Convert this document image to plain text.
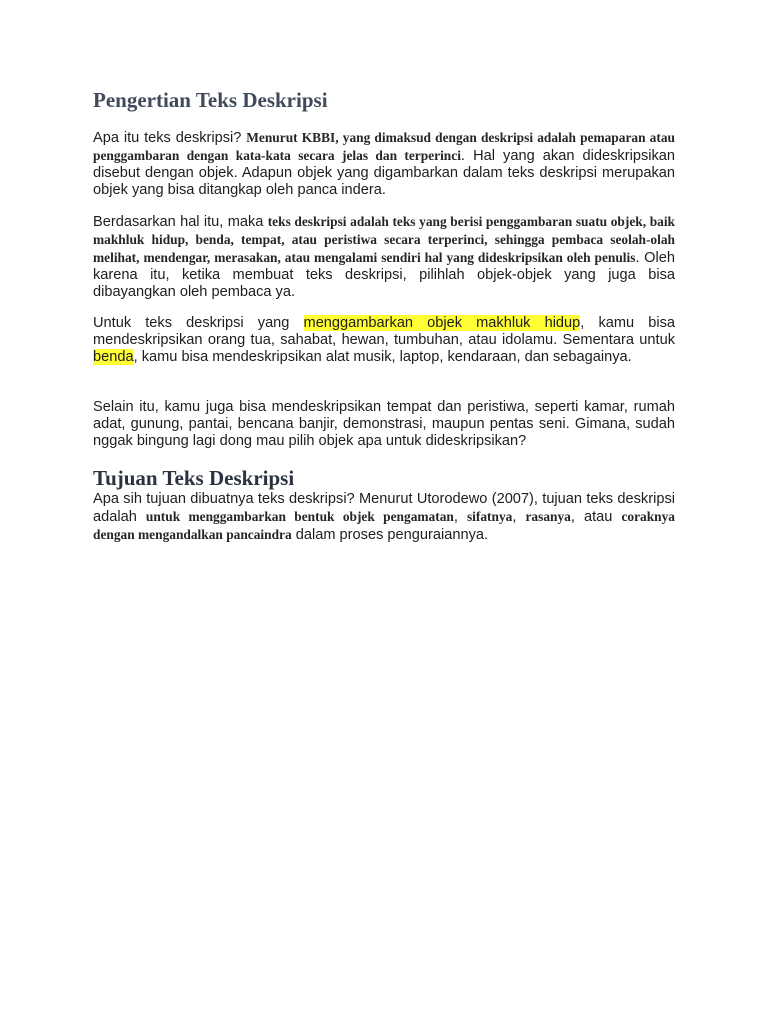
Pengertian Teks Deskripsi

Apa itu teks deskripsi? Menurut KBBI, yang dimaksud dengan deskripsi adalah pemaparan atau penggambaran dengan kata-kata secara jelas dan terperinci. Hal yang akan dideskripsikan disebut dengan objek. Adapun objek yang digambarkan dalam teks deskripsi merupakan objek yang bisa ditangkap oleh panca indera.

Berdasarkan hal itu, maka teks deskripsi adalah teks yang berisi penggambaran suatu objek, baik makhluk hidup, benda, tempat, atau peristiwa secara terperinci, sehingga pembaca seolah-olah melihat, mendengar, merasakan, atau mengalami sendiri hal yang dideskripsikan oleh penulis. Oleh karena itu, ketika membuat teks deskripsi, pilihlah objek-objek yang juga bisa dibayangkan oleh pembaca ya.

Untuk teks deskripsi yang menggambarkan objek makhluk hidup, kamu bisa mendeskripsikan orang tua, sahabat, hewan, tumbuhan, atau idolamu. Sementara untuk benda, kamu bisa mendeskripsikan alat musik, laptop, kendaraan, dan sebagainya.

Selain itu, kamu juga bisa mendeskripsikan tempat dan peristiwa, seperti kamar, rumah adat, gunung, pantai, bencana banjir, demonstrasi, maupun pentas seni. Gimana, sudah nggak bingung lagi dong mau pilih objek apa untuk dideskripsikan?

Tujuan Teks Deskripsi

Apa sih tujuan dibuatnya teks deskripsi? Menurut Utorodewo (2007), tujuan teks deskripsi adalah untuk menggambarkan bentuk objek pengamatan, sifatnya, rasanya, atau coraknya dengan mengandalkan pancaindra dalam proses penguraiannya.
